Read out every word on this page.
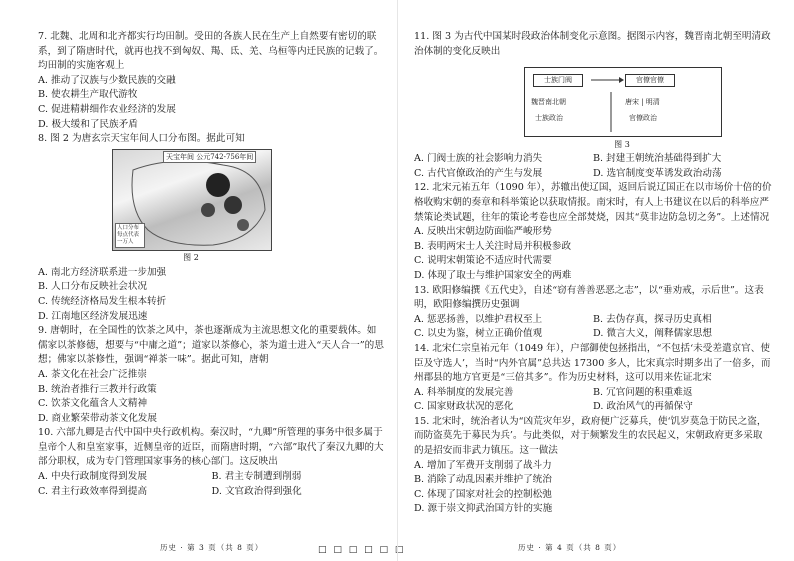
7. 北魏、北周和北齐都实行均田制。受田的各族人民在生产上自然要有密切的联系，到了隋唐时代，就再也找不到匈奴、羯、氐、羌、乌桓等内迁民族的记载了。均田制的实施客观上

A. 推动了汉族与少数民族的交融

B. 使农耕生产取代游牧

C. 促进精耕细作农业经济的发展

D. 极大缓和了民族矛盾

8. 图 2 为唐玄宗天宝年间人口分布图。据此可知

天宝年间 公元742-756年间
人口分布 每点代表 一万人
图 2

A. 南北方经济联系进一步加强

B. 人口分布反映社会状况

C. 传统经济格局发生根本转折

D. 江南地区经济发展迅速

9. 唐朝时，在全国性的饮茶之风中，茶也逐渐成为主流思想文化的重要载体。如儒家以茶修德，想要与“中庸之道”；道家以茶修心，茶为道士进入“天人合一”的思想；佛家以茶修性，强调“禅茶一味”。据此可知，唐朝

A. 茶文化在社会广泛推崇

B. 统治者推行三教并行政策

C. 饮茶文化蕴含人文精神

D. 商业繁荣带动茶文化发展

10. 六部九卿是古代中国中央行政机构。秦汉时，“九卿”所管理的事务中很多属于皇帝个人和皇室家事，近侧皇帝的近臣，而隋唐时期，“六部”取代了秦汉九卿的大部分职权，成为专门管理国家事务的核心部门。这反映出

A. 中央行政制度得到发展	B. 君主专制遭到削弱
C. 君主行政效率得到提高	D. 文官政治得到强化
历史 · 第 3 页（共 8 页）	□ □ □ □ □ □

11. 图 3 为古代中国某时段政治体制变化示意图。据图示内容，魏晋南北朝至明清政治体制的变化反映出

士族门阀	官僚官僚
魏晋南北朝
士族政治
唐宋 | 明清
官僚政治
图 3
A. 门阀士族的社会影响力消失	B. 封建王朝统治基础得到扩大
C. 古代官僚政治的产生与发展	D. 选官制度变革诱发政治动荡

12. 北宋元祐五年（1090 年），苏辙出使辽国，返回后说辽国正在以市场价十倍的价格收购宋朝的奏章和科举策论以获取情报。南宋时，有人上书建议在以后的科举应严禁策论类试题，往年的策论考卷也应全部焚烧，因其“莫非边防急切之务”。上述情况

A. 反映出宋朝边防面临严峻形势

B. 表明两宋士人关注时局并积极参政

C. 说明宋朝策论不适应时代需要

D. 体现了取士与维护国家安全的两难

13. 欧阳修编撰《五代史》，自述“窃有善善恶恶之志”，以“垂劝戒，示后世”。这表明，欧阳修编撰历史强调

A. 惩恶扬善，以维护君权至上	B. 去伪存真，探寻历史真相
C. 以史为鉴，树立正确价值观	D. 微言大义，阐释儒家思想

14. 北宋仁宗皇祐元年（1049 年），户部御使包拯指出，“不包括‘未受差遣京官、使臣及守选人’，当时“内外官属”总共达 17300 多人，比宋真宗时期多出了一倍多，而州郡县的地方官更是“三倍其多”。作为历史材料，这可以用来佐证北宋

A. 科举制度的发展完善	B. 冗官问题的积重难返
C. 国家财政状况的恶化	D. 政治风气的再循保守

15. 北宋时，统治者认为“凶荒灾年岁，政府便广泛募兵，使‘饥岁莫急于防民之盗，而防盗莫先于募民为兵’。与此类似，对于频繁发生的农民起义，宋朝政府更多采取的是招安而非武力镇压。这一做法

A. 增加了军费开支削弱了战斗力

B. 消除了动乱因素并维护了统治

C. 体现了国家对社会的控制松弛

D. 源于崇文抑武治国方针的实施

历史 · 第 4 页（共 8 页）
